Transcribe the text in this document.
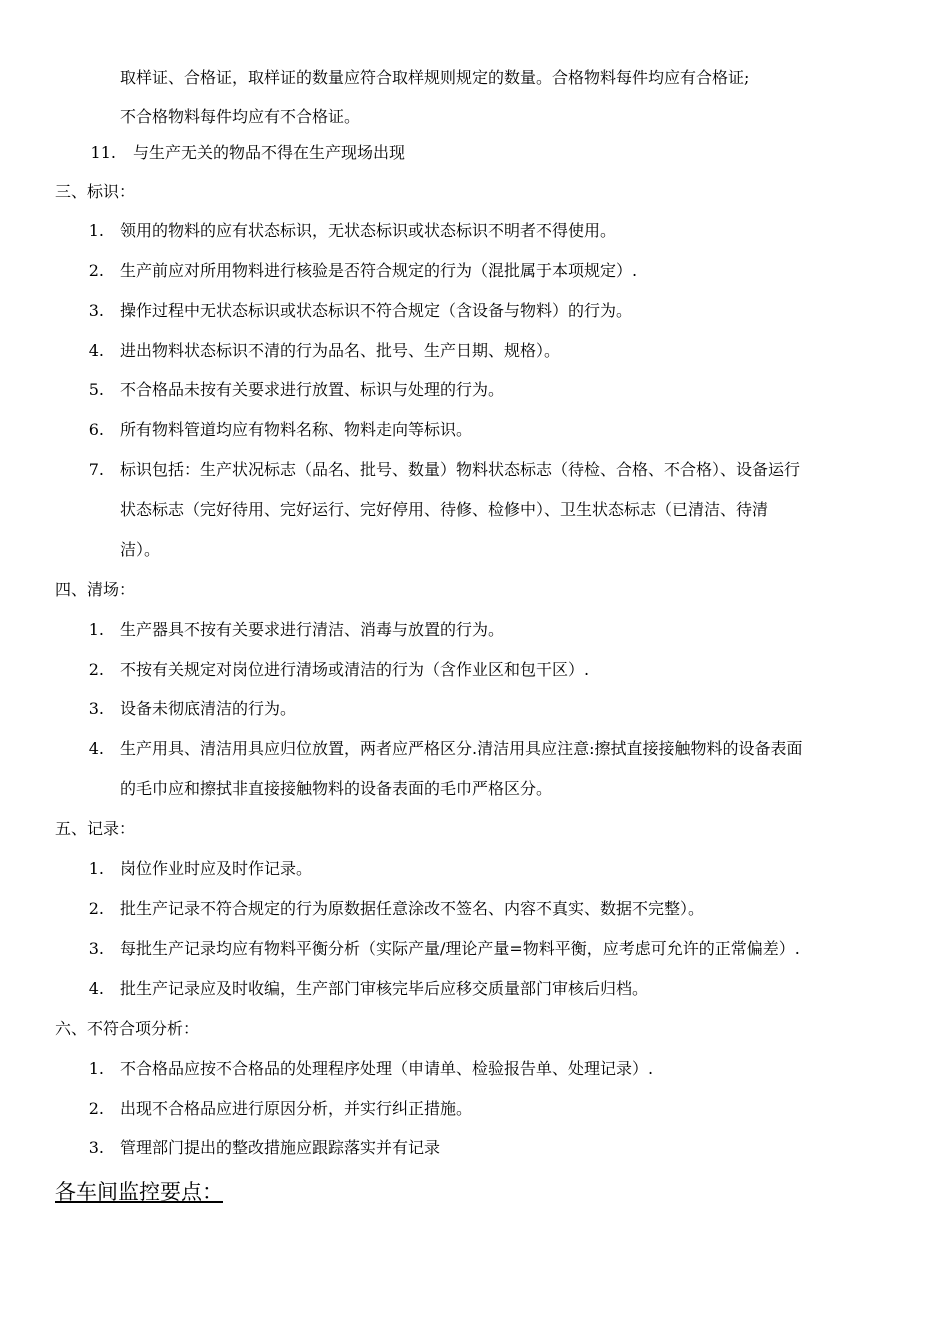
取样证、合格证，取样证的数量应符合取样规则规定的数量。合格物料每件均应有合格证;
不合格物料每件均应有不合格证。
11. 与生产无关的物品不得在生产现场出现
三、标识：
1. 领用的物料的应有状态标识，无状态标识或状态标识不明者不得使用。
2. 生产前应对所用物料进行核验是否符合规定的行为（混批属于本项规定）.
3. 操作过程中无状态标识或状态标识不符合规定（含设备与物料）的行为。
4. 进出物料状态标识不清的行为品名、批号、生产日期、规格）。
5. 不合格品未按有关要求进行放置、标识与处理的行为。
6. 所有物料管道均应有物料名称、物料走向等标识。
7. 标识包括：生产状况标志（品名、批号、数量）物料状态标志（待检、合格、不合格）、设备运行
状态标志（完好待用、完好运行、完好停用、待修、检修中）、卫生状态标志（已清洁、待清
洁）。
四、清场：
1. 生产器具不按有关要求进行清洁、消毒与放置的行为。
2. 不按有关规定对岗位进行清场或清洁的行为（含作业区和包干区）.
3. 设备未彻底清洁的行为。
4. 生产用具、清洁用具应归位放置，两者应严格区分.清洁用具应注意:擦拭直接接触物料的设备表面
的毛巾应和擦拭非直接接触物料的设备表面的毛巾严格区分。
五、记录：
1. 岗位作业时应及时作记录。
2. 批生产记录不符合规定的行为原数据任意涂改不签名、内容不真实、数据不完整）。
3. 每批生产记录均应有物料平衡分析（实际产量/理论产量=物料平衡，应考虑可允许的正常偏差）.
4. 批生产记录应及时收编，生产部门审核完毕后应移交质量部门审核后归档。
六、不符合项分析：
1. 不合格品应按不合格品的处理程序处理（申请单、检验报告单、处理记录）.
2. 出现不合格品应进行原因分析，并实行纠正措施。
3. 管理部门提出的整改措施应跟踪落实并有记录
各车间监控要点：
